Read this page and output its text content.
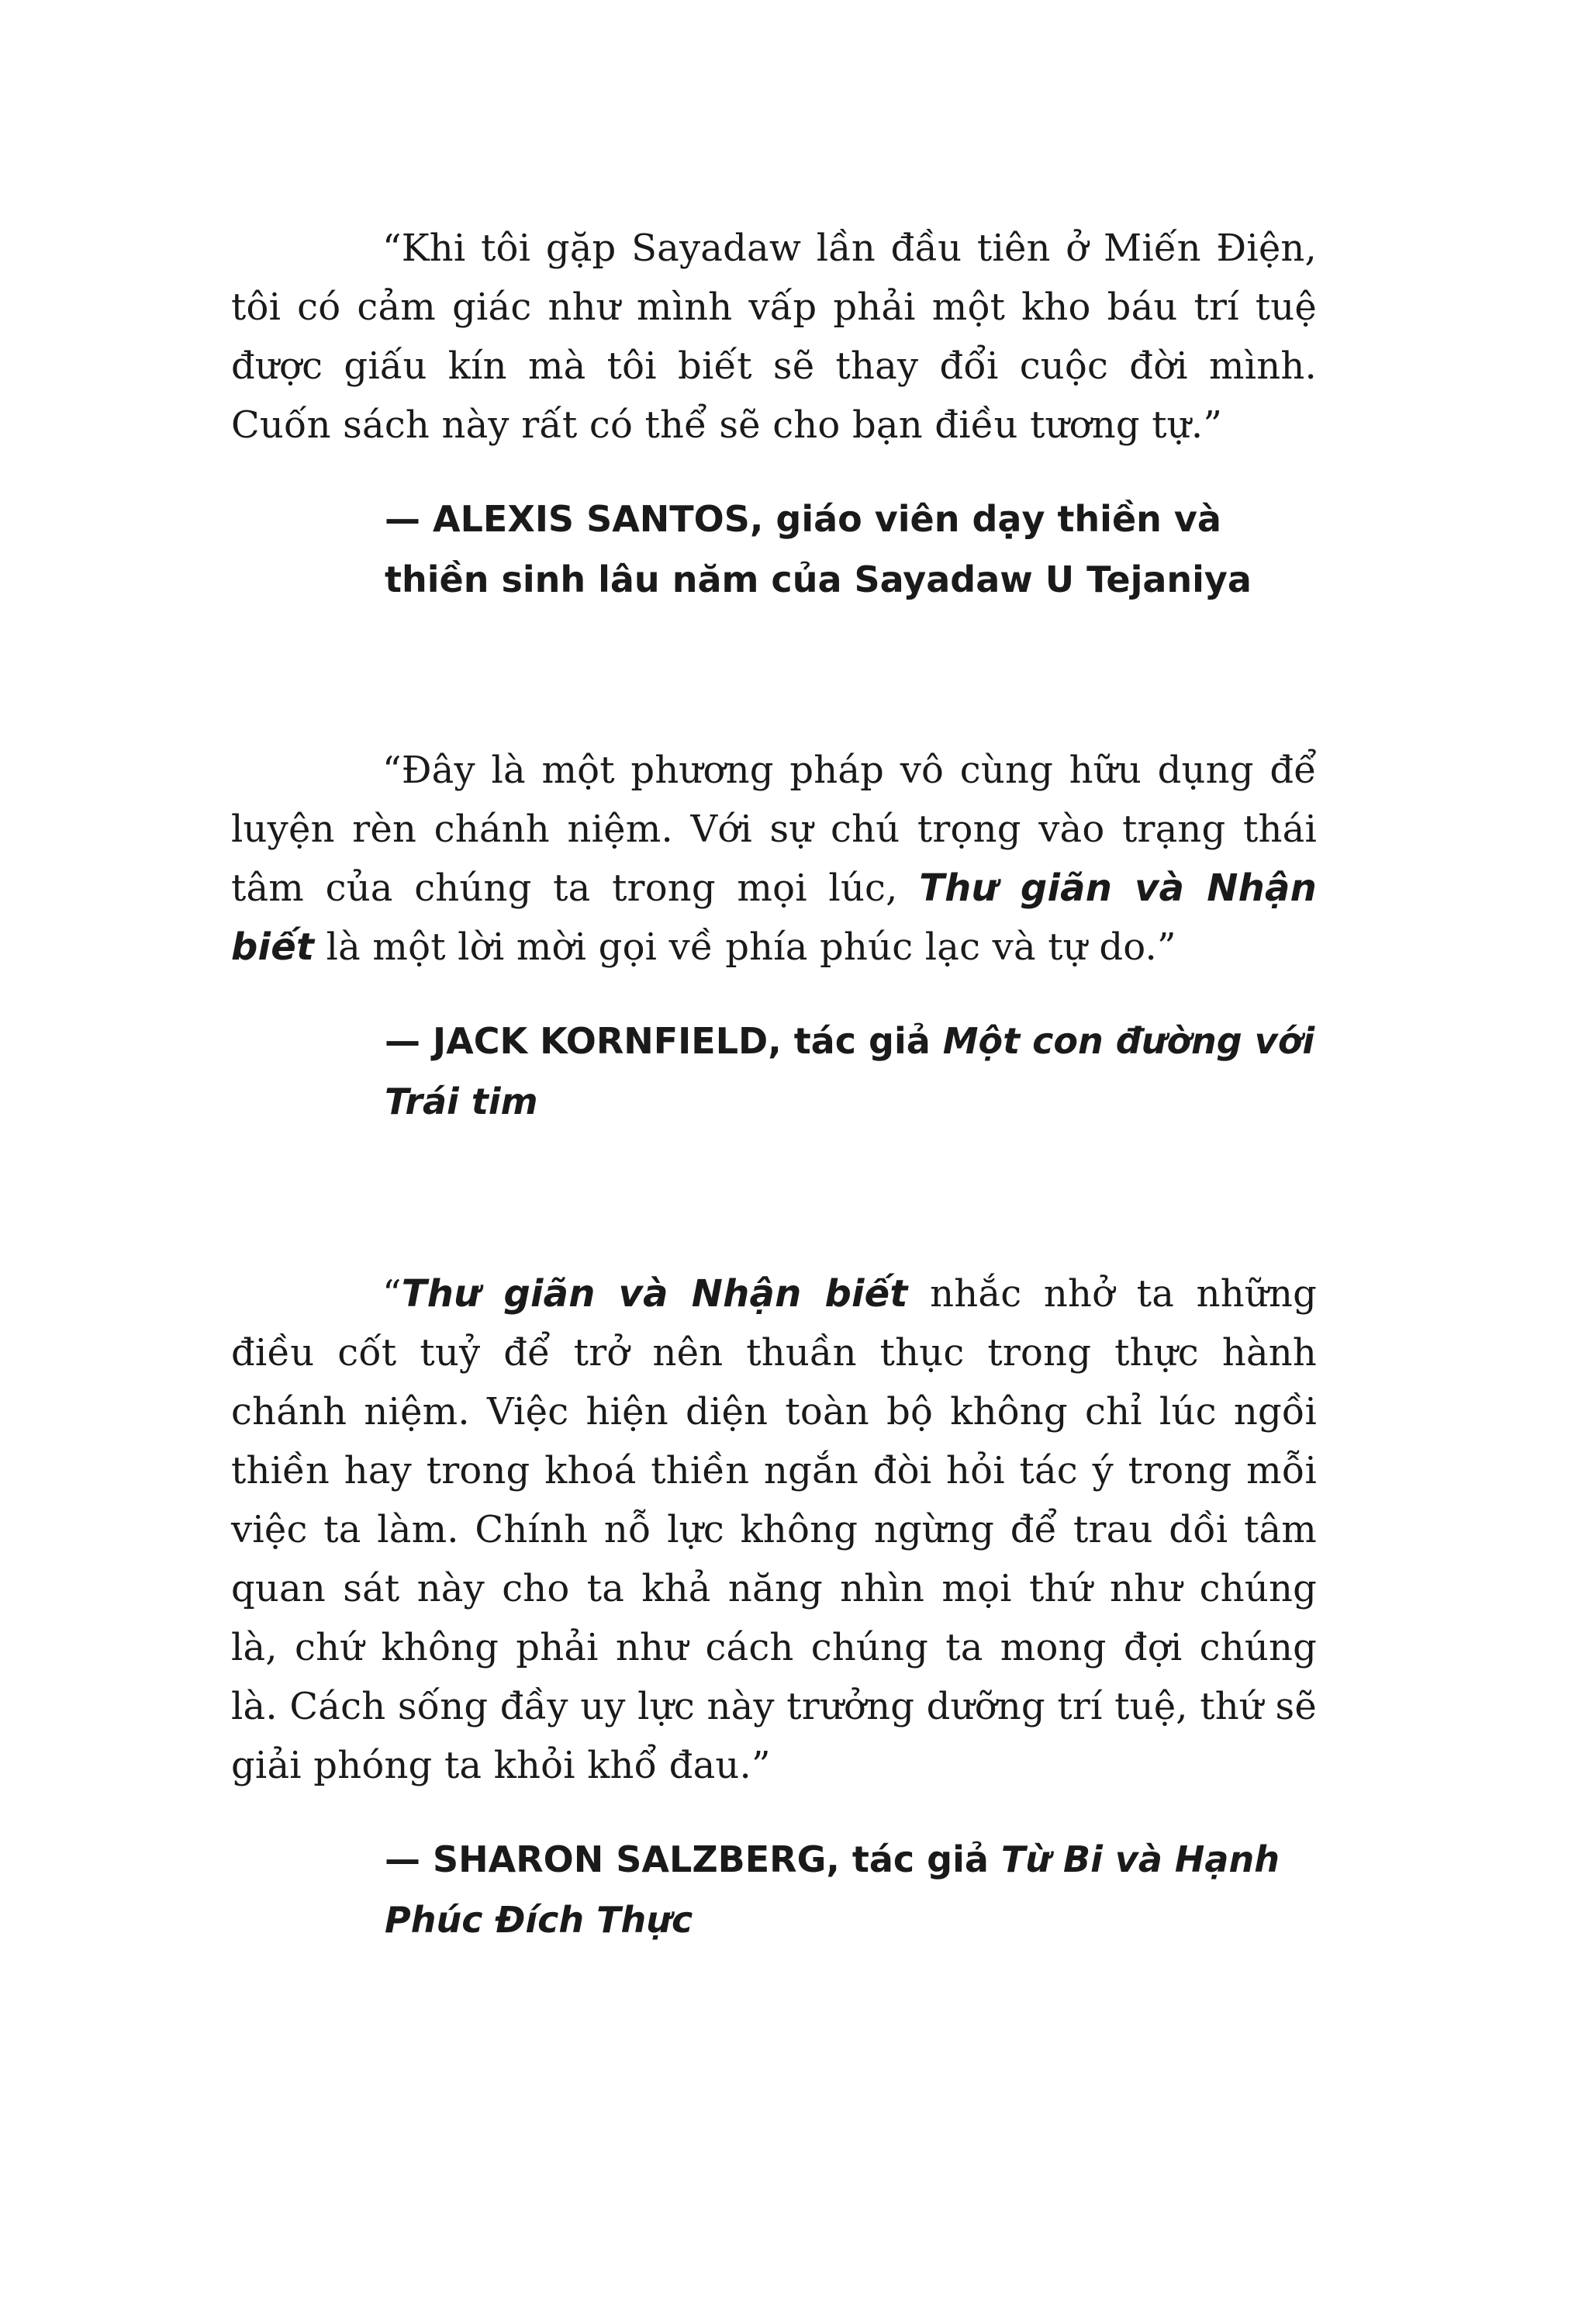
“Khi tôi gặp Sayadaw lần đầu tiên ở Miến Điện, tôi có cảm giác như mình vấp phải một kho báu trí tuệ được giấu kín mà tôi biết sẽ thay đổi cuộc đời mình. Cuốn sách này rất có thể sẽ cho bạn điều tương tự.”

— ALEXIS SANTOS, giáo viên dạy thiền và thiền sinh lâu năm của Sayadaw U Tejaniya

“Đây là một phương pháp vô cùng hữu dụng để luyện rèn chánh niệm. Với sự chú trọng vào trạng thái tâm của chúng ta trong mọi lúc, Thư giãn và Nhận biết là một lời mời gọi về phía phúc lạc và tự do.”

— JACK KORNFIELD, tác giả Một con đường với Trái tim

“Thư giãn và Nhận biết nhắc nhở ta những điều cốt tuỷ để trở nên thuần thục trong thực hành chánh niệm. Việc hiện diện toàn bộ không chỉ lúc ngồi thiền hay trong khoá thiền ngắn đòi hỏi tác ý trong mỗi việc ta làm. Chính nỗ lực không ngừng để trau dồi tâm quan sát này cho ta khả năng nhìn mọi thứ như chúng là, chứ không phải như cách chúng ta mong đợi chúng là. Cách sống đầy uy lực này trưởng dưỡng trí tuệ, thứ sẽ giải phóng ta khỏi khổ đau.”

— SHARON SALZBERG, tác giả Từ Bi và Hạnh Phúc Đích Thực
